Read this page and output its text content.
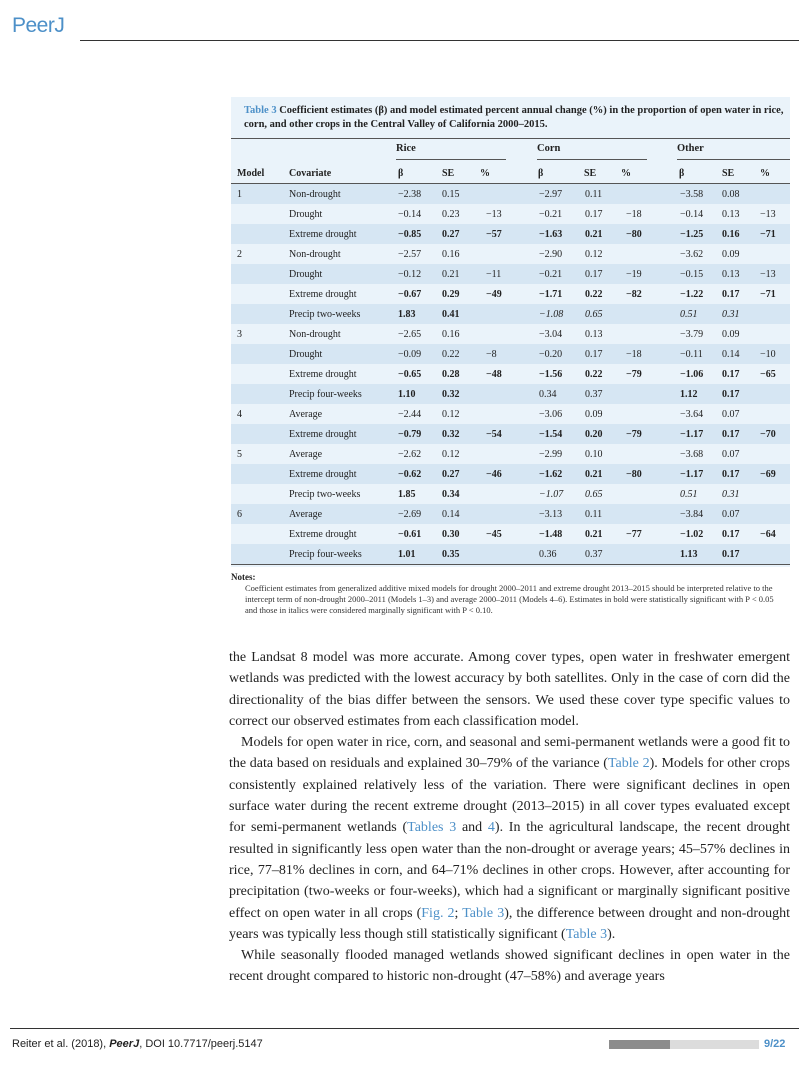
PeerJ
Table 3 Coefficient estimates (β) and model estimated percent annual change (%) in the proportion of open water in rice, corn, and other crops in the Central Valley of California 2000–2015.
Rice	Corn	Other
Model Covariate	β	SE	%	β	SE %	β	SE	%
1	Non-drought	−2.38	0.15		−2.97	0.11		−3.58	0.08	
	Drought	−0.14	0.23	−13	−0.21	0.17	−18	−0.14	0.13	−13
	Extreme drought	−0.85	0.27	−57	−1.63	0.21	−80	−1.25	0.16	−71
2	Non-drought	−2.57	0.16		−2.90	0.12		−3.62	0.09	
	Drought	−0.12	0.21	−11	−0.21	0.17	−19	−0.15	0.13	−13
	Extreme drought	−0.67	0.29	−49	−1.71	0.22	−82	−1.22	0.17	−71
	Precip two-weeks	1.83	0.41		−1.08	0.65		0.51	0.31	
3	Non-drought	−2.65	0.16		−3.04	0.13		−3.79	0.09	
	Drought	−0.09	0.22	−8	−0.20	0.17	−18	−0.11	0.14	−10
	Extreme drought	−0.65	0.28	−48	−1.56	0.22	−79	−1.06	0.17	−65
	Precip four-weeks	1.10	0.32		0.34	0.37		1.12	0.17	
4	Average	−2.44	0.12		−3.06	0.09		−3.64	0.07	
	Extreme drought	−0.79	0.32	−54	−1.54	0.20	−79	−1.17	0.17	−70
5	Average	−2.62	0.12		−2.99	0.10		−3.68	0.07	
	Extreme drought	−0.62	0.27	−46	−1.62	0.21	−80	−1.17	0.17	−69
	Precip two-weeks	1.85	0.34		−1.07	0.65		0.51	0.31	
6	Average	−2.69	0.14		−3.13	0.11		−3.84	0.07	
	Extreme drought	−0.61	0.30	−45	−1.48	0.21	−77	−1.02	0.17	−64
	Precip four-weeks	1.01	0.35		0.36	0.37		1.13	0.17	
Notes:
Coefficient estimates from generalized additive mixed models for drought 2000–2011 and extreme drought 2013–2015 should be interpreted relative to the intercept term of non-drought 2000–2011 (Models 1–3) and average 2000–2011 (Models 4–6). Estimates in bold were statistically significant with P < 0.05 and those in italics were considered marginally significant with P < 0.10.

the Landsat 8 model was more accurate. Among cover types, open water in freshwater emergent wetlands was predicted with the lowest accuracy by both satellites. Only in the case of corn did the directionality of the bias differ between the sensors. We used these cover type specific values to correct our observed estimates from each classification model.

Models for open water in rice, corn, and seasonal and semi-permanent wetlands were a good fit to the data based on residuals and explained 30–79% of the variance (Table 2). Models for other crops consistently explained relatively less of the variation. There were significant declines in open surface water during the recent extreme drought (2013–2015) in all cover types evaluated except for semi-permanent wetlands (Tables 3 and 4). In the agricultural landscape, the recent drought resulted in significantly less open water than the non-drought or average years; 45–57% declines in rice, 77–81% declines in corn, and 64–71% declines in other crops. However, after accounting for precipitation (two-weeks or four-weeks), which had a significant or marginally significant positive effect on open water in all crops (Fig. 2; Table 3), the difference between drought and non-drought years was typically less though still statistically significant (Table 3).

While seasonally flooded managed wetlands showed significant declines in open water in the recent drought compared to historic non-drought (47–58%) and average years

Reiter et al. (2018), PeerJ, DOI 10.7717/peerj.5147	9/22
